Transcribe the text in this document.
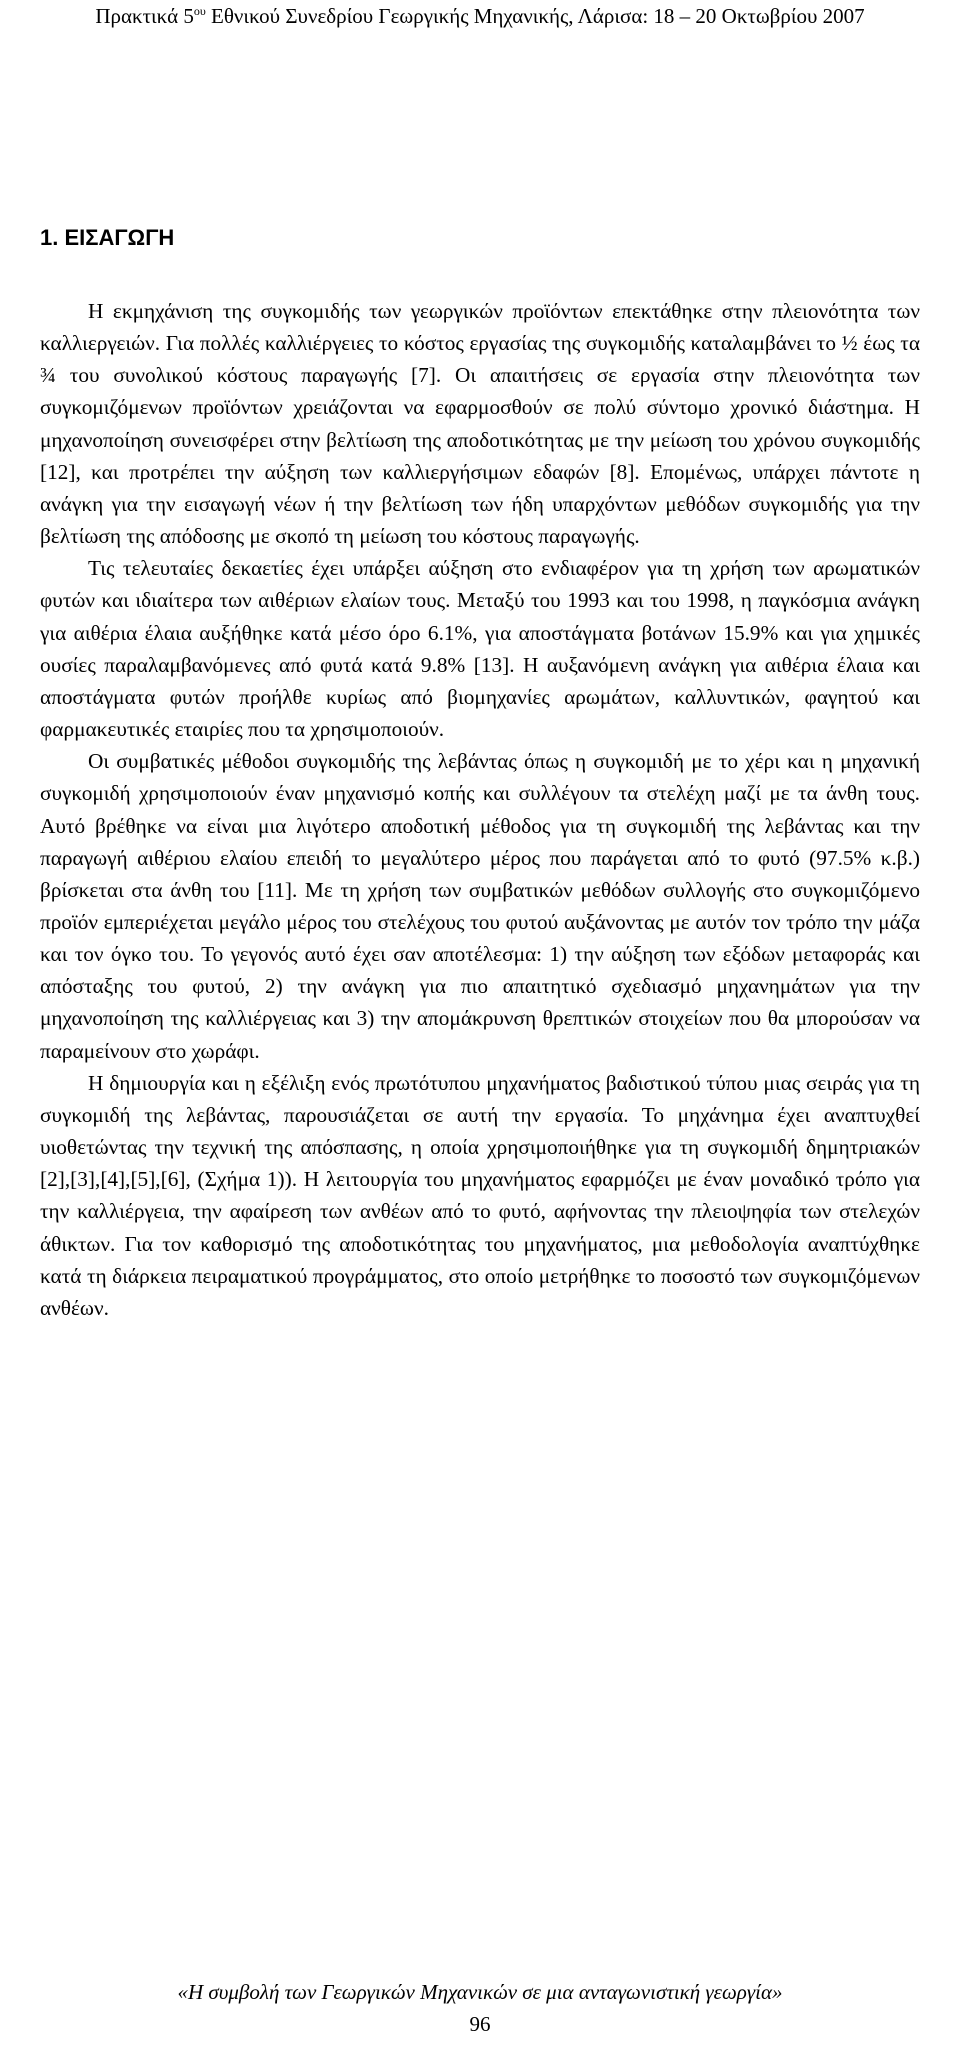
Πρακτικά $5^{o\upsilon}$ Εθνικού Συνεδρίου Γεωργικής Μηχανικής, Λάρισα: 18 – 20 Οκτωβρίου 2007
1. ΕΙΣΑΓΩΓΗ

Η εκμηχάνιση της συγκομιδής των γεωργικών προϊόντων επεκτάθηκε στην πλειονότητα των καλλιεργειών. Για πολλές καλλιέργειες το κόστος εργασίας της συγκομιδής καταλαμβάνει το ½ έως τα ¾ του συνολικού κόστους παραγωγής [7]. Οι απαιτήσεις σε εργασία στην πλειονότητα των συγκομιζόμενων προϊόντων χρειάζονται να εφαρμοσθούν σε πολύ σύντομο χρονικό διάστημα. Η μηχανοποίηση συνεισφέρει στην βελτίωση της αποδοτικότητας με την μείωση του χρόνου συγκομιδής [12], και προτρέπει την αύξηση των καλλιεργήσιμων εδαφών [8]. Επομένως, υπάρχει πάντοτε η ανάγκη για την εισαγωγή νέων ή την βελτίωση των ήδη υπαρχόντων μεθόδων συγκομιδής για την βελτίωση της απόδοσης με σκοπό τη μείωση του κόστους παραγωγής.

Τις τελευταίες δεκαετίες έχει υπάρξει αύξηση στο ενδιαφέρον για τη χρήση των αρωματικών φυτών και ιδιαίτερα των αιθέριων ελαίων τους. Μεταξύ του 1993 και του 1998, η παγκόσμια ανάγκη για αιθέρια έλαια αυξήθηκε κατά μέσο όρο 6.1%, για αποστάγματα βοτάνων 15.9% και για χημικές ουσίες παραλαμβανόμενες από φυτά κατά 9.8% [13]. Η αυξανόμενη ανάγκη για αιθέρια έλαια και αποστάγματα φυτών προήλθε κυρίως από βιομηχανίες αρωμάτων, καλλυντικών, φαγητού και φαρμακευτικές εταιρίες που τα χρησιμοποιούν.

Οι συμβατικές μέθοδοι συγκομιδής της λεβάντας όπως η συγκομιδή με το χέρι και η μηχανική συγκομιδή χρησιμοποιούν έναν μηχανισμό κοπής και συλλέγουν τα στελέχη μαζί με τα άνθη τους. Αυτό βρέθηκε να είναι μια λιγότερο αποδοτική μέθοδος για τη συγκομιδή της λεβάντας και την παραγωγή αιθέριου ελαίου επειδή το μεγαλύτερο μέρος που παράγεται από το φυτό (97.5% κ.β.) βρίσκεται στα άνθη του [11]. Με τη χρήση των συμβατικών μεθόδων συλλογής στο συγκομιζόμενο προϊόν εμπεριέχεται μεγάλο μέρος του στελέχους του φυτού αυξάνοντας με αυτόν τον τρόπο την μάζα και τον όγκο του. Το γεγονός αυτό έχει σαν αποτέλεσμα: 1) την αύξηση των εξόδων μεταφοράς και απόσταξης του φυτού, 2) την ανάγκη για πιο απαιτητικό σχεδιασμό μηχανημάτων για την μηχανοποίηση της καλλιέργειας και 3) την απομάκρυνση θρεπτικών στοιχείων που θα μπορούσαν να παραμείνουν στο χωράφι.

Η δημιουργία και η εξέλιξη ενός πρωτότυπου μηχανήματος βαδιστικού τύπου μιας σειράς για τη συγκομιδή της λεβάντας, παρουσιάζεται σε αυτή την εργασία. Το μηχάνημα έχει αναπτυχθεί υιοθετώντας την τεχνική της απόσπασης, η οποία χρησιμοποιήθηκε για τη συγκομιδή δημητριακών [2],[3],[4],[5],[6], (Σχήμα 1)). Η λειτουργία του μηχανήματος εφαρμόζει με έναν μοναδικό τρόπο για την καλλιέργεια, την αφαίρεση των ανθέων από το φυτό, αφήνοντας την πλειοψηφία των στελεχών άθικτων. Για τον καθορισμό της αποδοτικότητας του μηχανήματος, μια μεθοδολογία αναπτύχθηκε κατά τη διάρκεια πειραματικού προγράμματος, στο οποίο μετρήθηκε το ποσοστό των συγκομιζόμενων ανθέων.

«Η συμβολή των Γεωργικών Μηχανικών σε μια ανταγωνιστική γεωργία»
96
